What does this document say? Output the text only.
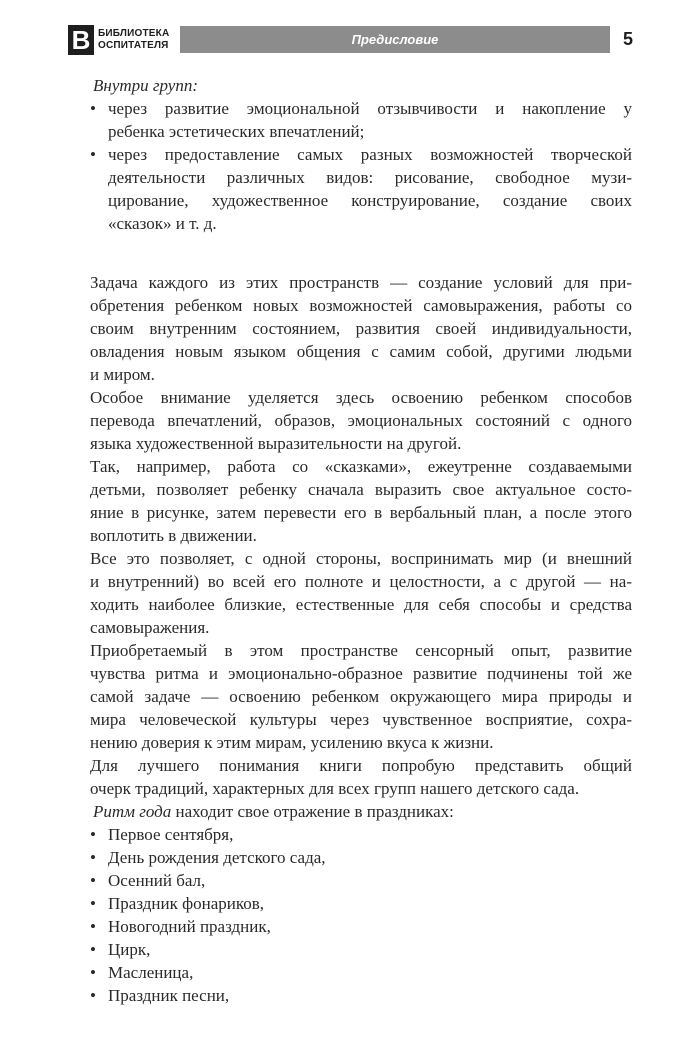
В БИБЛИОТЕКА
ОСПИТАТЕЛЯ	Предисловие	5

Внутри групп:

• через развитие эмоциональной отзывчивости и накопление у
ребенка эстетических впечатлений;
• через предоставление самых разных возможностей творческой
деятельности различных видов: рисование, свободное музи-
цирование, художественное конструирование, создание своих
«сказок» и т. д.
Задача каждого из этих пространств — создание условий для при-
обретения ребенком новых возможностей самовыражения, работы со
своим внутренним состоянием, развития своей индивидуальности,
овладения новым языком общения с самим собой, другими людьми
и миром.
Особое внимание уделяется здесь освоению ребенком способов
перевода впечатлений, образов, эмоциональных состояний с одного
языка художественной выразительности на другой.
Так, например, работа со «сказками», ежеутренне создаваемыми
детьми, позволяет ребенку сначала выразить свое актуальное состо-
яние в рисунке, затем перевести его в вербальный план, а после этого
воплотить в движении.
Все это позволяет, с одной стороны, воспринимать мир (и внешний
и внутренний) во всей его полноте и целостности, а с другой — на-
ходить наиболее близкие, естественные для себя способы и средства
самовыражения.
Приобретаемый в этом пространстве сенсорный опыт, развитие
чувства ритма и эмоционально-образное развитие подчинены той же
самой задаче — освоению ребенком окружающего мира природы и
мира человеческой культуры через чувственное восприятие, сохра-
нению доверия к этим мирам, усилению вкуса к жизни.
Для лучшего понимания книги попробую представить общий
очерк традиций, характерных для всех групп нашего детского сада.

Ритм года находит свое отражение в праздниках:

• Первое сентября,
• День рождения детского сада,
• Осенний бал,
• Праздник фонариков,
• Новогодний праздник,
• Цирк,
• Масленица,
• Праздник песни,
